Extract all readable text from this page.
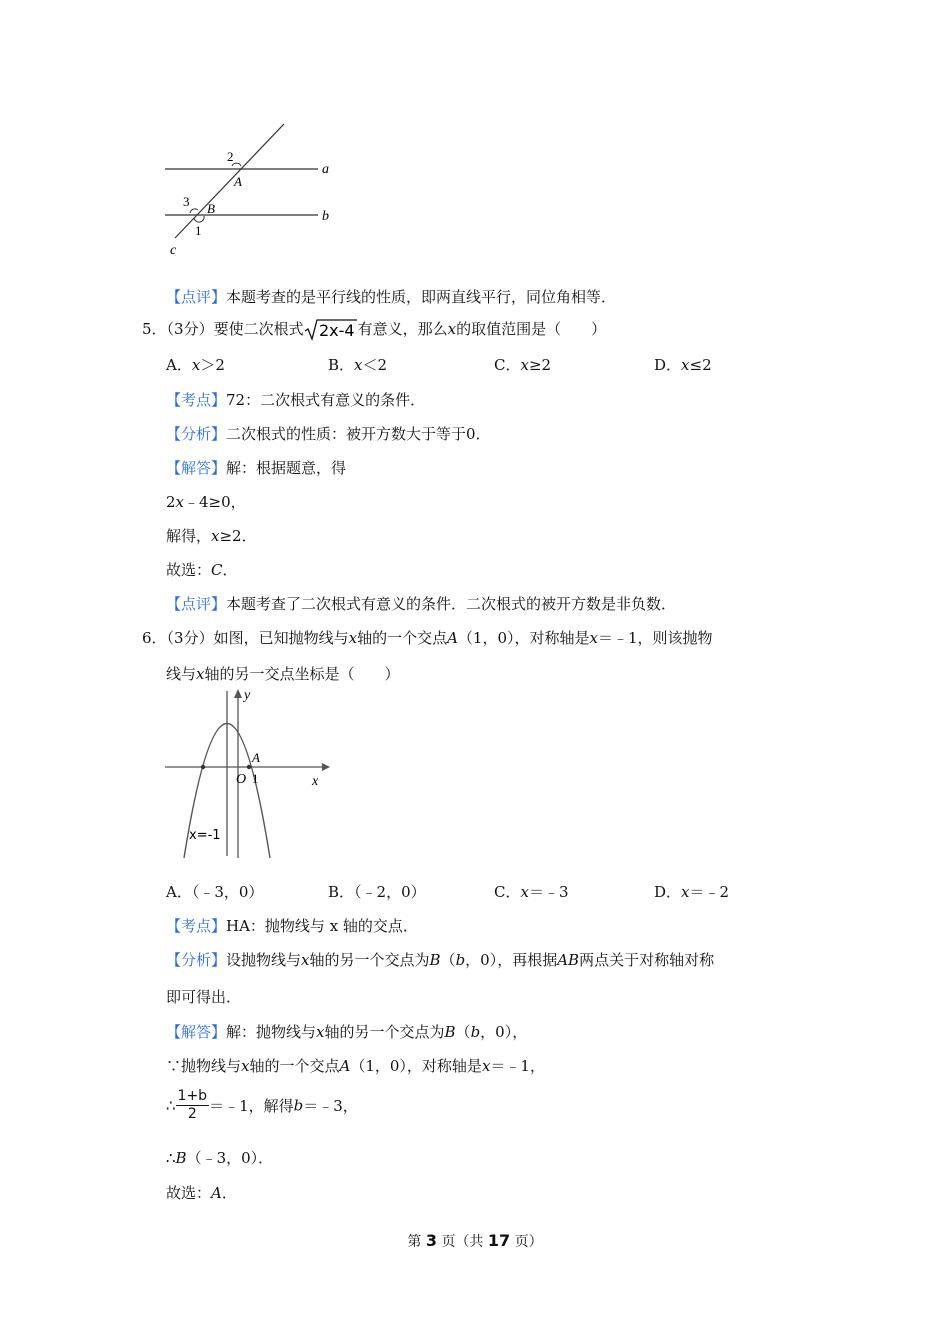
2
A
a
3 B
b
1
c
【点评】本题考查的是平行线的性质，即两直线平行，同位角相等．
5．（3分）要使二次根式 2x-4 有意义，那么x的取值范围是（　　）
A．x＞2	B．x＜2	C．x≥2	D．x≤2
【考点】72：二次根式有意义的条件．
【分析】二次根式的性质：被开方数大于等于0．
【解答】解：根据题意，得
2x﹣4≥0，
解得，x≥2．
故选：C．
【点评】本题考查了二次根式有意义的条件．二次根式的被开方数是非负数．
6．（3分）如图，已知抛物线与x轴的一个交点A（1，0），对称轴是x＝﹣1，则该抛物
线与x轴的另一交点坐标是（　　）
y
A
O 1	x
x=-1
A．（﹣3，0）	B．（﹣2，0）	C．x＝﹣3	D．x＝﹣2
【考点】HA：抛物线与 x 轴的交点．
【分析】设抛物线与x轴的另一个交点为B（b，0），再根据AB两点关于对称轴对称
即可得出．
【解答】解：抛物线与x轴的另一个交点为B（b，0），
∵抛物线与x轴的一个交点A（1，0），对称轴是x＝﹣1，
∴ $\frac{1+b}{2}$ ＝﹣1，解得b＝﹣3，
∴B（﹣3，0）．
故选：A．
第 3 页（共 17 页）
